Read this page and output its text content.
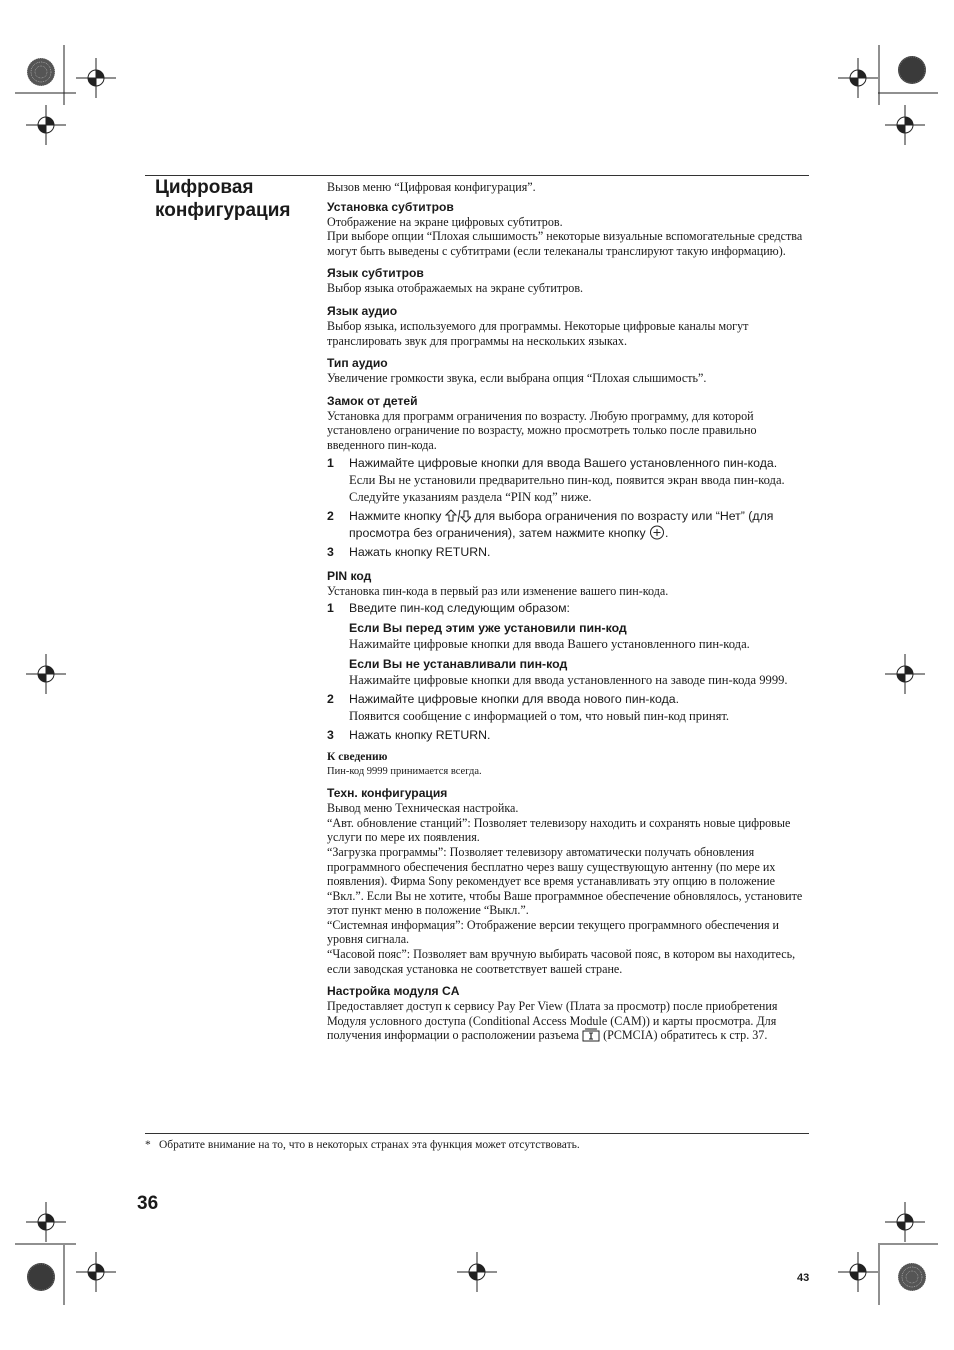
Цифровая конфигурация

Вызов меню “Цифровая конфигурация”.

Установка субтитров

Отображение на экране цифровых субтитров.

При выборе опции “Плохая слышимость” некоторые визуальные вспомогательные средства могут быть выведены с субтитрами (если телеканалы транслируют такую информацию).

Язык субтитров

Выбор языка отображаемых на экране субтитров.

Язык аудио

Выбор языка, используемого для программы. Некоторые цифровые каналы могут транслировать звук для программы на нескольких языках.

Тип аудио

Увеличение громкости звука, если выбрана опция “Плохая слышимость”.

Замок от детей

Установка для программ ограничения по возрасту. Любую программу, для которой установлено ограничение по возрасту, можно просмотреть только после правильно введенного пин-кода.

1	Нажимайте цифровые кнопки для ввода Вашего установленного пин-кода.

Если Вы не установили предварительно пин-код, появится экран ввода пин-кода. Следуйте указаниям раздела “PIN код” ниже.

2	Нажмите кнопку	для выбора ограничения по возрасту или “Нет” (для просмотра без ограничения), затем нажмите кнопку .
3	Нажать кнопку RETURN.
PIN код

Установка пин-кода в первый раз или изменение вашего пин-кода.

1	Введите пин-код следующим образом:
Если Вы перед этим уже установили пин-код

Нажимайте цифровые кнопки для ввода Вашего установленного пин-кода.

Если Вы не устанавливали пин-код

Нажимайте цифровые кнопки для ввода установленного на заводе пин-кода 9999.

2	Нажимайте цифровые кнопки для ввода нового пин-кода.

Появится сообщение с информацией о том, что новый пин-код принят.

3	Нажать кнопку RETURN.
К сведению

Пин-код 9999 принимается всегда.

Техн. конфигурация

Вывод меню Техническая настройка.

“Авт. обновление станций”: Позволяет телевизору находить и сохранять новые цифровые услуги по мере их появления.

“Загрузка программы”: Позволяет телевизору автоматически получать обновления программного обеспечения бесплатно через вашу существующую антенну (по мере их появления). Фирма Sony рекомендует все время устанавливать эту опцию в положение “Вкл.”. Если Вы не хотите, чтобы Ваше программное обеспечение обновлялось, установите этот пункт меню в положение “Выкл.”.

“Системная информация”: Отображение версии текущего программного обеспечения и уровня сигнала.

“Часовой пояс”: Позволяет вам вручную выбирать часовой пояс, в котором вы находитесь, если заводская установка не соответствует вашей стране.

Настройка модуля CA

Предоставляет доступ к сервису Pay Per View (Плата за просмотр) после приобретения Модуля условного доступа (Conditional Access Module (CAM)) и карты просмотра. Для получения информации о расположении разъема (PCMCIA) обратитесь к стр. 37.

* Обратите внимание на то, что в некоторых странах эта функция может отсутствовать.
36
43
